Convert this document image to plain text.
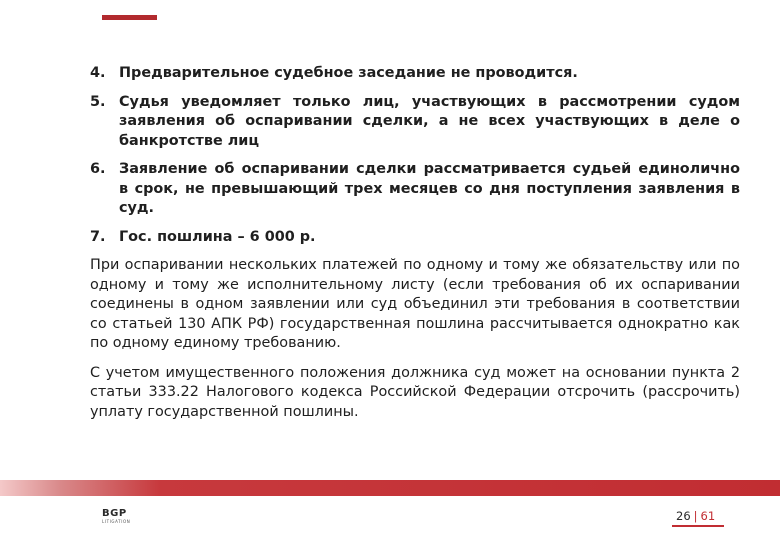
4. Предварительное судебное заседание не проводится.
5. Судья уведомляет только лиц, участвующих в рассмотрении судом заявления об оспаривании сделки, а не всех участвующих в деле о банкротстве лиц
6. Заявление об оспаривании сделки рассматривается судьей единолично в срок, не превышающий трех месяцев со дня поступления заявления в суд.
7. Гос. пошлина – 6 000 р.
При оспаривании нескольких платежей по одному и тому же обязательству или по одному и тому же исполнительному листу (если требования об их оспаривании соединены в одном заявлении или суд объединил эти требования в соответствии со статьей 130 АПК РФ) государственная пошлина рассчитывается однократно как по одному единому требованию.
С учетом имущественного положения должника суд может на основании пункта 2 статьи 333.22 Налогового кодекса Российской Федерации отсрочить (рассрочить) уплату государственной пошлины.
BGP
LITIGATION	26 | 61
